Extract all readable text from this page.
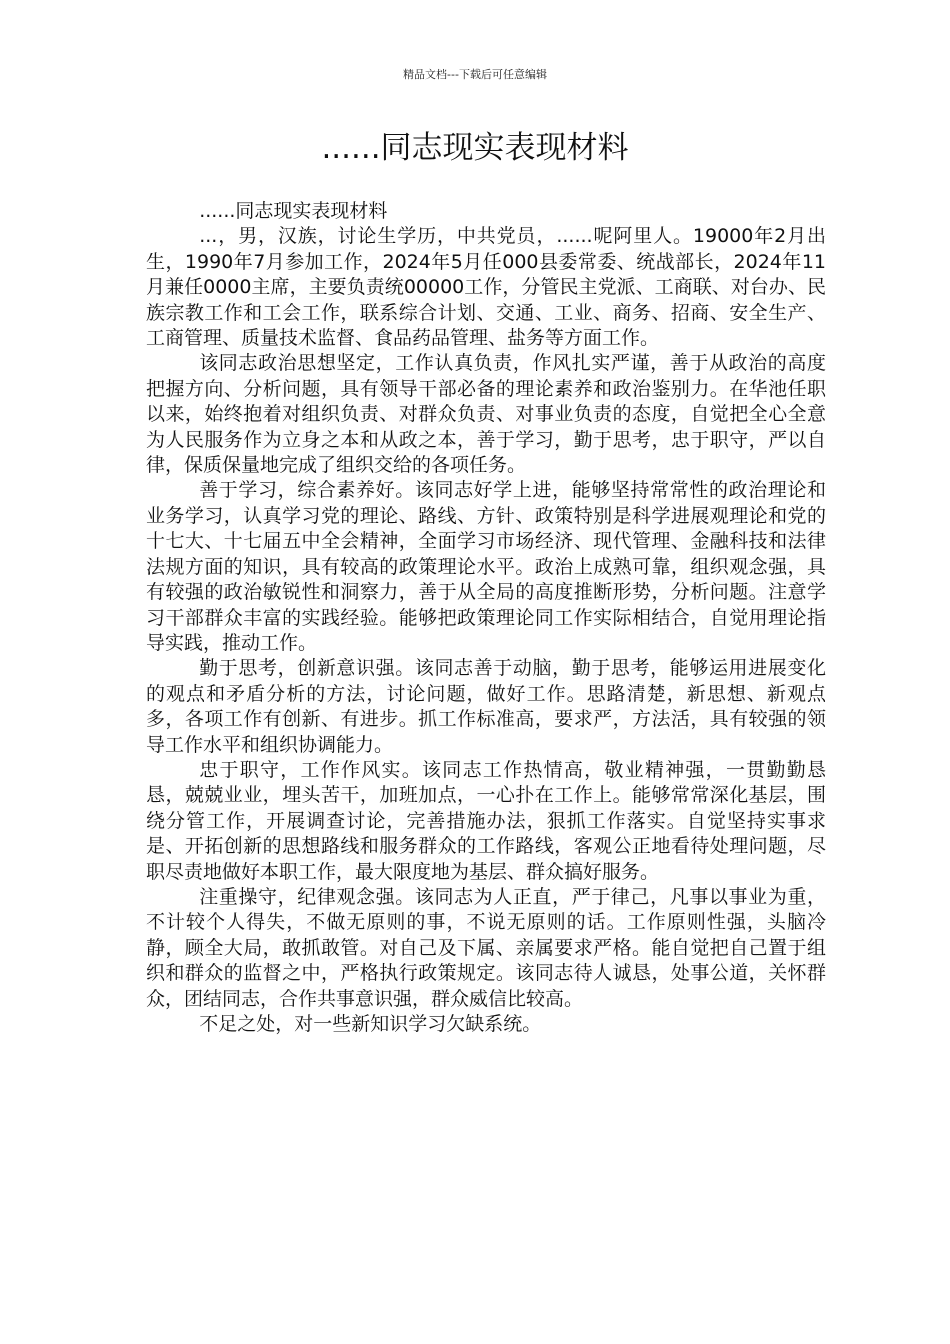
精品文档---下载后可任意编辑
......同志现实表现材料

......同志现实表现材料

...，男，汉族，讨论生学历，中共党员，......呢阿里人。19000年2月出生，1990年7月参加工作，2024年5月任000县委常委、统战部长，2024年11月兼任0000主席，主要负责统00000工作，分管民主党派、工商联、对台办、民族宗教工作和工会工作，联系综合计划、交通、工业、商务、招商、安全生产、工商管理、质量技术监督、食品药品管理、盐务等方面工作。

该同志政治思想坚定，工作认真负责，作风扎实严谨，善于从政治的高度把握方向、分析问题，具有领导干部必备的理论素养和政治鉴别力。在华池任职以来，始终抱着对组织负责、对群众负责、对事业负责的态度，自觉把全心全意为人民服务作为立身之本和从政之本，善于学习，勤于思考，忠于职守，严以自律，保质保量地完成了组织交给的各项任务。

善于学习，综合素养好。该同志好学上进，能够坚持常常性的政治理论和业务学习，认真学习党的理论、路线、方针、政策特别是科学进展观理论和党的十七大、十七届五中全会精神，全面学习市场经济、现代管理、金融科技和法律法规方面的知识，具有较高的政策理论水平。政治上成熟可靠，组织观念强，具有较强的政治敏锐性和洞察力，善于从全局的高度推断形势，分析问题。注意学习干部群众丰富的实践经验。能够把政策理论同工作实际相结合，自觉用理论指导实践，推动工作。

勤于思考，创新意识强。该同志善于动脑，勤于思考，能够运用进展变化的观点和矛盾分析的方法，讨论问题，做好工作。思路清楚，新思想、新观点多，各项工作有创新、有进步。抓工作标准高，要求严，方法活，具有较强的领导工作水平和组织协调能力。

忠于职守，工作作风实。该同志工作热情高，敬业精神强，一贯勤勤恳恳，兢兢业业，埋头苦干，加班加点，一心扑在工作上。能够常常深化基层，围绕分管工作，开展调查讨论，完善措施办法，狠抓工作落实。自觉坚持实事求是、开拓创新的思想路线和服务群众的工作路线，客观公正地看待处理问题，尽职尽责地做好本职工作，最大限度地为基层、群众搞好服务。

注重操守，纪律观念强。该同志为人正直，严于律己，凡事以事业为重，不计较个人得失，不做无原则的事，不说无原则的话。工作原则性强，头脑冷静，顾全大局，敢抓敢管。对自己及下属、亲属要求严格。能自觉把自己置于组织和群众的监督之中，严格执行政策规定。该同志待人诚恳，处事公道，关怀群众，团结同志，合作共事意识强，群众威信比较高。

不足之处，对一些新知识学习欠缺系统。
